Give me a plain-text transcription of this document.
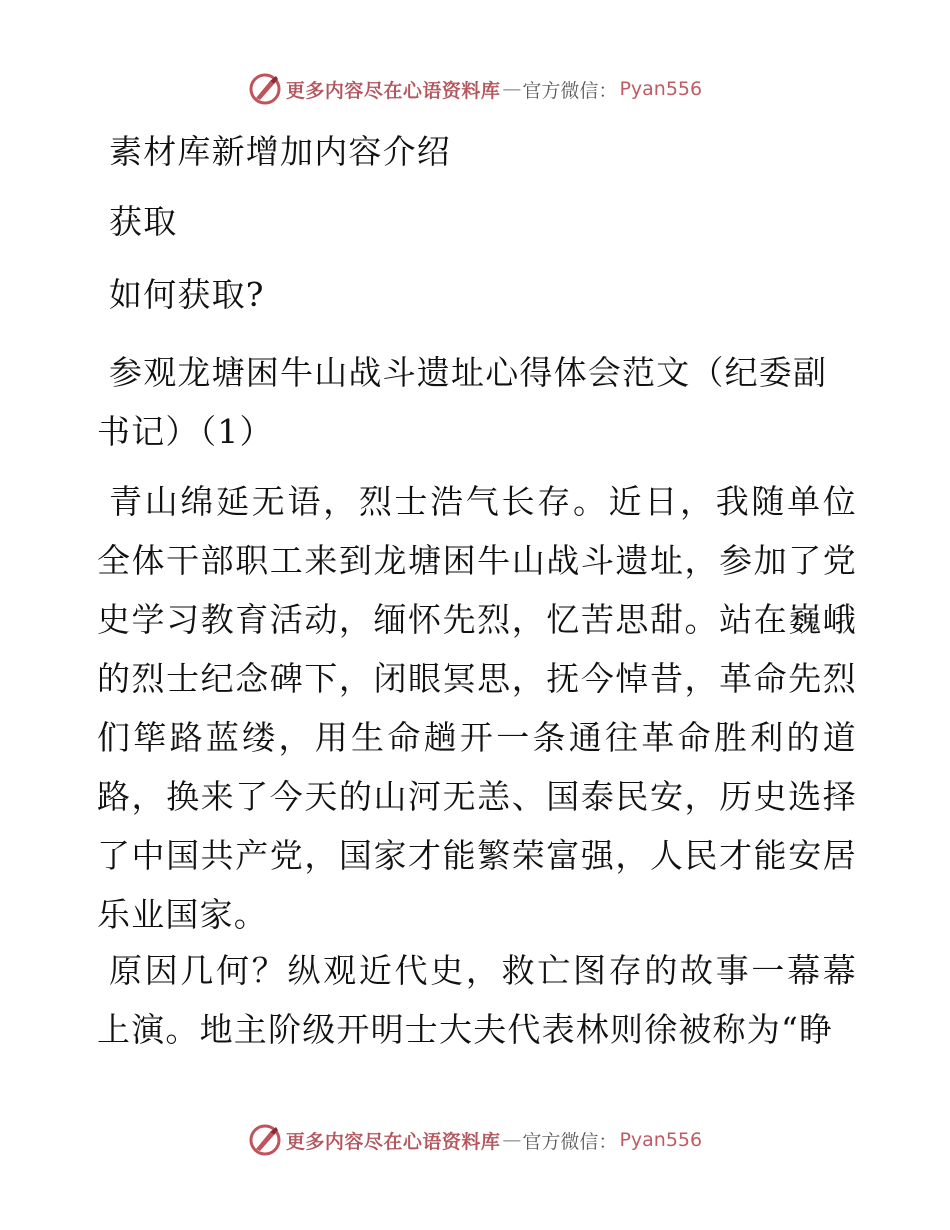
更多内容尽在心语资料库 — 官方微信： Pyan556

素材库新增加内容介绍

获取

如何获取?

参观龙塘困牛山战斗遗址心得体会范文（纪委副书记）（1）

青山绵延无语，烈士浩气长存。近日，我随单位全体干部职工来到龙塘困牛山战斗遗址，参加了党史学习教育活动，缅怀先烈，忆苦思甜。站在巍峨的烈士纪念碑下，闭眼冥思，抚今悼昔，革命先烈们筚路蓝缕，用生命趟开一条通往革命胜利的道路，换来了今天的山河无恙、国泰民安，历史选择了中国共产党，国家才能繁荣富强，人民才能安居乐业国家。

原因几何？纵观近代史，救亡图存的故事一幕幕上演。地主阶级开明士大夫代表林则徐被称为“睁

更多内容尽在心语资料库 — 官方微信： Pyan556
